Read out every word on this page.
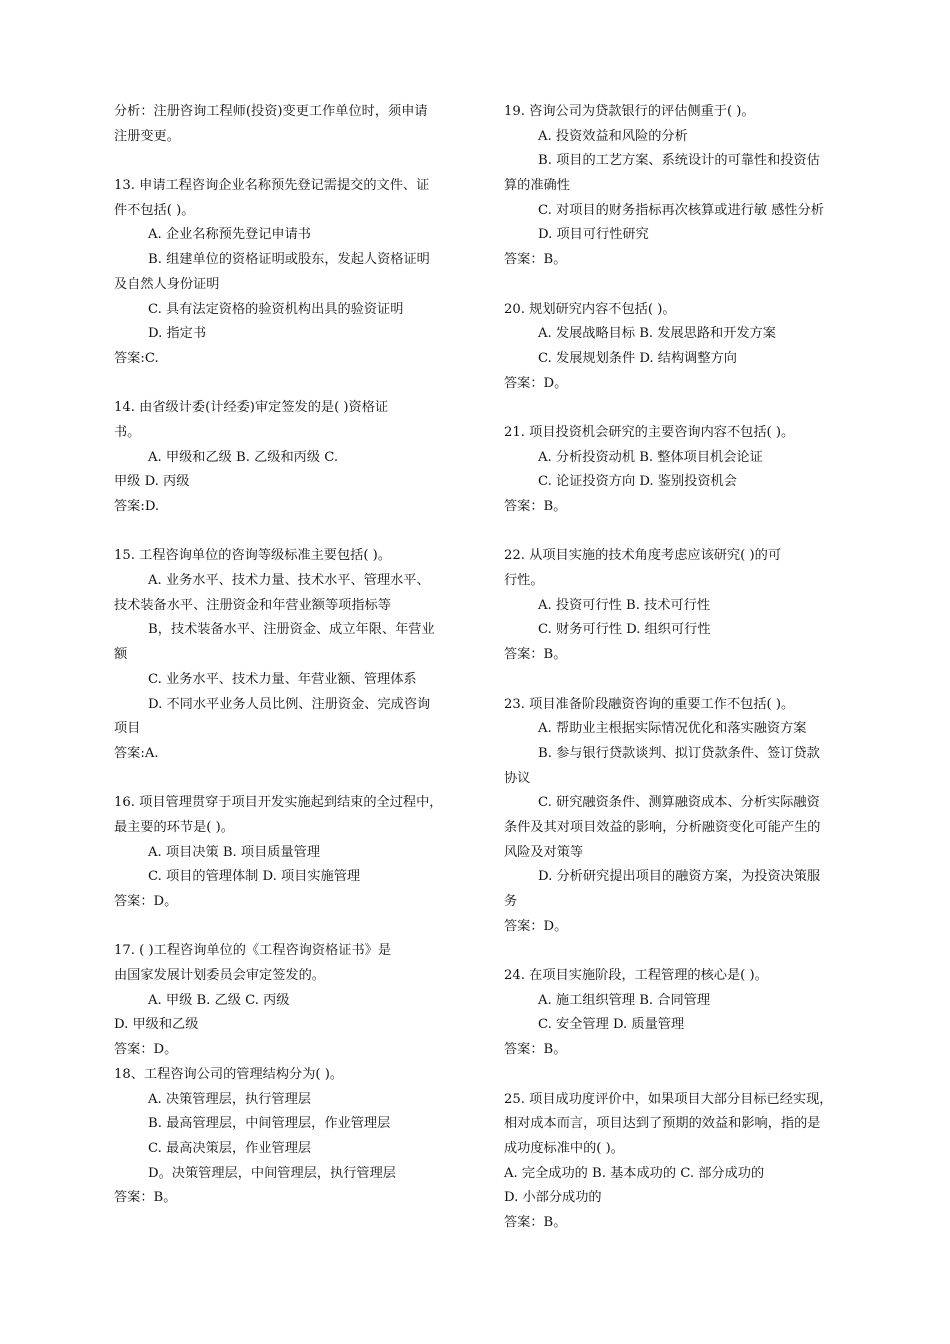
分析：注册咨询工程师(投资)变更工作单位时，须申请
注册变更。
13. 申请工程咨询企业名称预先登记需提交的文件、证
件不包括( )。
A. 企业名称预先登记申请书
B. 组建单位的资格证明或股东，发起人资格证明
及自然人身份证明
C. 具有法定资格的验资机构出具的验资证明
D. 指定书
答案:C.
14. 由省级计委(计经委)审定签发的是( )资格证
书。
A. 甲级和乙级 B. 乙级和丙级 C.
甲级 D. 丙级
答案:D.
15. 工程咨询单位的咨询等级标准主要包括( )。
A. 业务水平、技术力量、技术水平、管理水平、
技术装备水平、注册资金和年营业额等项指标等
B，技术装备水平、注册资金、成立年限、年营业
额
C. 业务水平、技术力量、年营业额、管理体系
D. 不同水平业务人员比例、注册资金、完成咨询
项目
答案:A.
16. 项目管理贯穿于项目开发实施起到结束的全过程中，
最主要的环节是( )。
A. 项目决策 B. 项目质量管理
C. 项目的管理体制 D. 项目实施管理
答案：D。
17. ( )工程咨询单位的《工程咨询资格证书》是
由国家发展计划委员会审定签发的。
A. 甲级 B. 乙级 C. 丙级
D. 甲级和乙级
答案：D。
18、工程咨询公司的管理结构分为( )。
A. 决策管理层，执行管理层
B. 最高管理层，中间管理层，作业管理层
C. 最高决策层，作业管理层
D。决策管理层，中间管理层，执行管理层
答案：B。
19. 咨询公司为贷款银行的评估侧重于( )。
A. 投资效益和风险的分析
B. 项目的工艺方案、系统设计的可靠性和投资估
算的准确性
C. 对项目的财务指标再次核算或进行敏 感性分析
D. 项目可行性研究
答案：B。
20. 规划研究内容不包括( )。
A. 发展战略目标 B. 发展思路和开发方案
C. 发展规划条件 D. 结构调整方向
答案：D。
21. 项目投资机会研究的主要咨询内容不包括( )。
A. 分析投资动机 B. 整体项目机会论证
C. 论证投资方向 D. 鉴别投资机会
答案：B。
22. 从项目实施的技术角度考虑应该研究( )的可
行性。
A. 投资可行性 B. 技术可行性
C. 财务可行性 D. 组织可行性
答案：B。
23. 项目准备阶段融资咨询的重要工作不包括( )。
A. 帮助业主根据实际情况优化和落实融资方案
B. 参与银行贷款谈判、拟订贷款条件、签订贷款
协议
C. 研究融资条件、测算融资成本、分析实际融资
条件及其对项目效益的影响，分析融资变化可能产生的
风险及对策等
D. 分析研究提出项目的融资方案，为投资决策服
务
答案：D。
24. 在项目实施阶段，工程管理的核心是( )。
A. 施工组织管理 B. 合同管理
C. 安全管理 D. 质量管理
答案：B。
25. 项目成功度评价中，如果项目大部分目标已经实现，
相对成本而言，项目达到了预期的效益和影响，指的是
成功度标准中的( )。
A. 完全成功的 B. 基本成功的 C. 部分成功的
D. 小部分成功的
答案：B。
